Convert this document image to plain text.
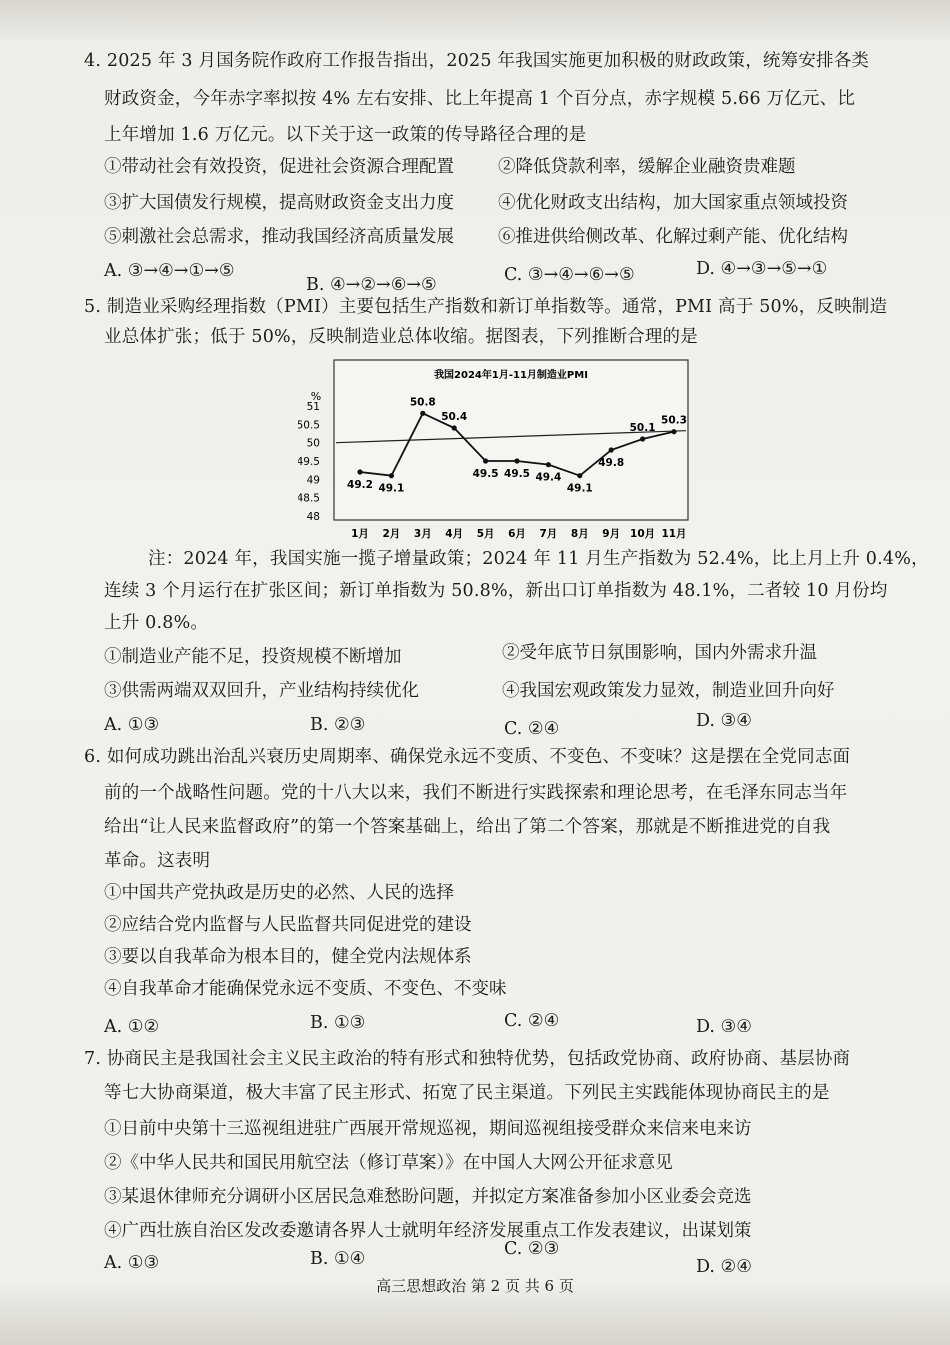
4. 2025 年 3 月国务院作政府工作报告指出，2025 年我国实施更加积极的财政政策，统筹安排各类
财政资金，今年赤字率拟按 4% 左右安排、比上年提高 1 个百分点，赤字规模 5.66 万亿元、比
上年增加 1.6 万亿元。以下关于这一政策的传导路径合理的是
①带动社会有效投资，促进社会资源合理配置	②降低贷款利率，缓解企业融资贵难题
③扩大国债发行规模，提高财政资金支出力度	④优化财政支出结构，加大国家重点领域投资
⑤刺激社会总需求，推动我国经济高质量发展	⑥推进供给侧改革、化解过剩产能、优化结构
A. ③→④→①→⑤
B. ④→②→⑥→⑤	C. ③→④→⑥→⑤	D. ④→③→⑤→①
5. 制造业采购经理指数（PMI）主要包括生产指数和新订单指数等。通常，PMI 高于 50%，反映制造
业总体扩张；低于 50%，反映制造业总体收缩。据图表，下列推断合理的是
我国2024年1月-11月制造业PMI
%
51
50.5
50
49.5
49
48.5
48
1月 2月 3月 4月 5月 6月 7月 8月 9月 10月 11月
49.2 49.1
50.8
50.4
49.5 49.5 49.4
49.1
49.8
50.1
50.3
注：2024 年，我国实施一揽子增量政策；2024 年 11 月生产指数为 52.4%，比上月上升 0.4%，
连续 3 个月运行在扩张区间；新订单指数为 50.8%，新出口订单指数为 48.1%，二者较 10 月份均
上升 0.8%。
①制造业产能不足，投资规模不断增加	②受年底节日氛围影响，国内外需求升温
③供需两端双双回升，产业结构持续优化	④我国宏观政策发力显效，制造业回升向好
A. ①③	B. ②③	C. ②④	D. ③④
6. 如何成功跳出治乱兴衰历史周期率、确保党永远不变质、不变色、不变味？这是摆在全党同志面
前的一个战略性问题。党的十八大以来，我们不断进行实践探索和理论思考，在毛泽东同志当年
给出“让人民来监督政府”的第一个答案基础上，给出了第二个答案，那就是不断推进党的自我
革命。这表明
①中国共产党执政是历史的必然、人民的选择
②应结合党内监督与人民监督共同促进党的建设
③要以自我革命为根本目的，健全党内法规体系
④自我革命才能确保党永远不变质、不变色、不变味
A. ①②	B. ①③	C. ②④	D. ③④
7. 协商民主是我国社会主义民主政治的特有形式和独特优势，包括政党协商、政府协商、基层协商
等七大协商渠道，极大丰富了民主形式、拓宽了民主渠道。下列民主实践能体现协商民主的是
①日前中央第十三巡视组进驻广西展开常规巡视，期间巡视组接受群众来信来电来访
②《中华人民共和国民用航空法（修订草案）》在中国人大网公开征求意见
③某退休律师充分调研小区居民急难愁盼问题，并拟定方案准备参加小区业委会竞选
④广西壮族自治区发改委邀请各界人士就明年经济发展重点工作发表建议，出谋划策
A. ①③	B. ①④	C. ②③
D. ②④
高三思想政治 第 2 页 共 6 页
